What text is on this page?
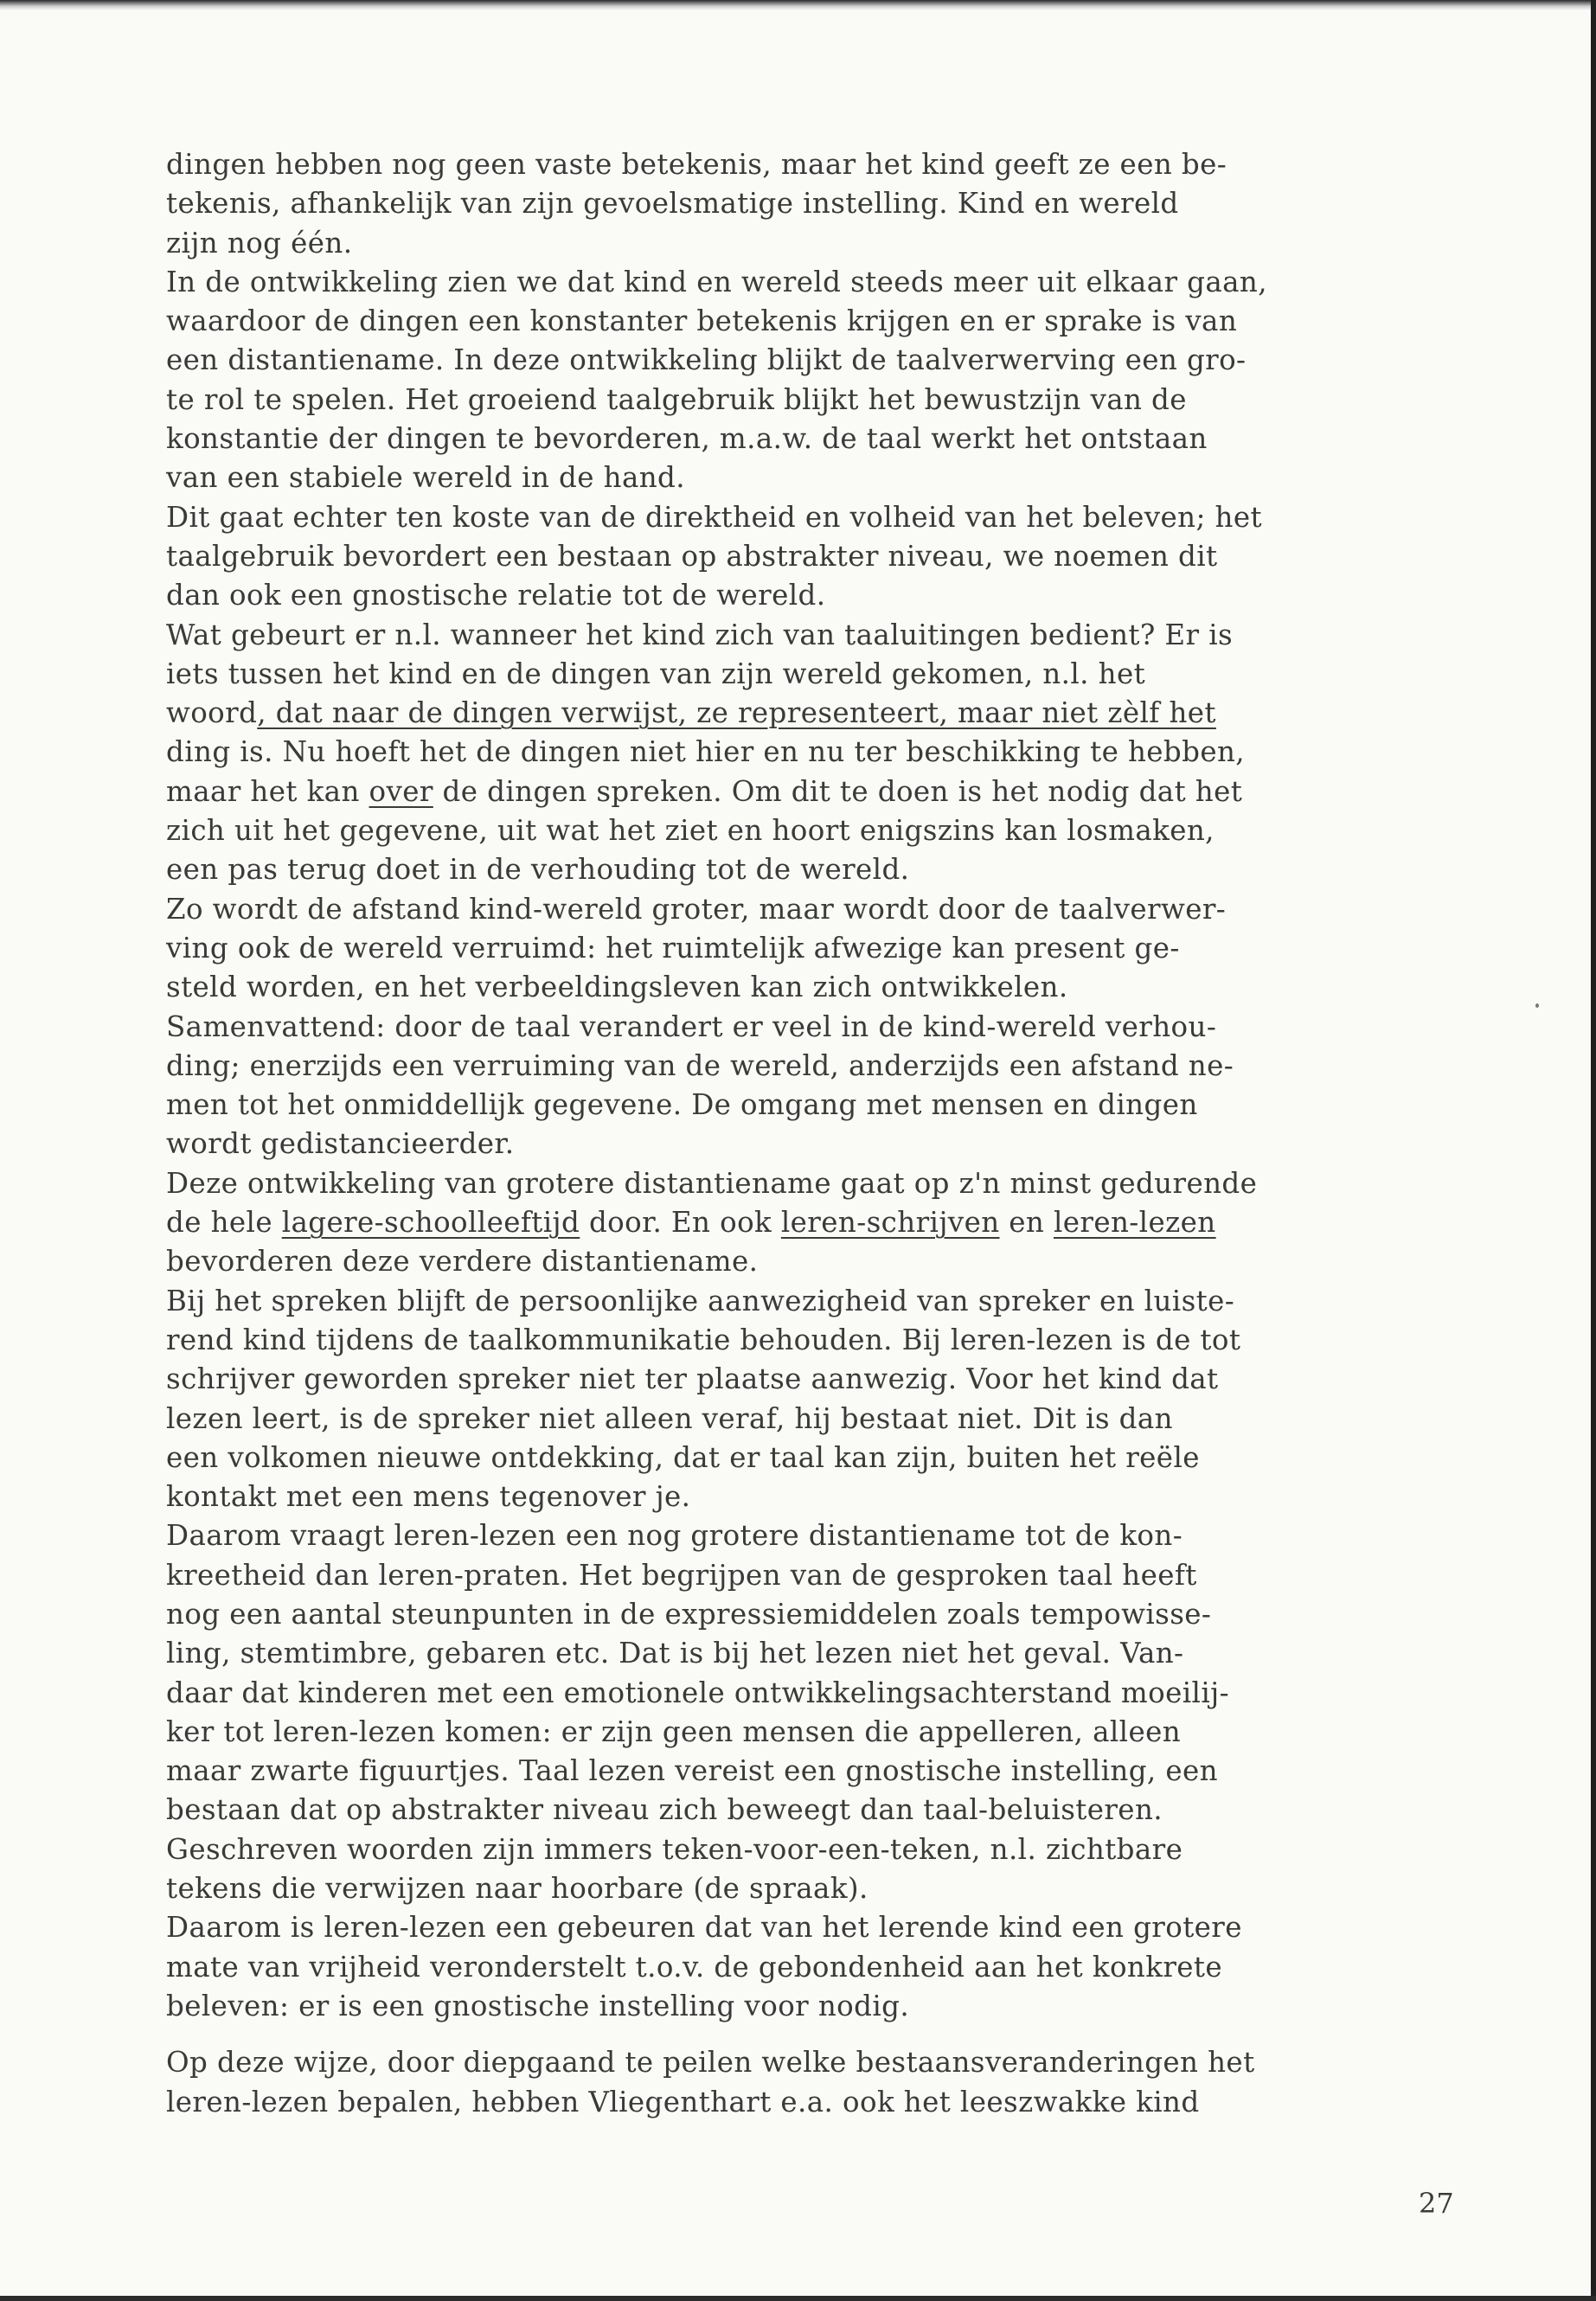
dingen hebben nog geen vaste betekenis, maar het kind geeft ze een be-
tekenis, afhankelijk van zijn gevoelsmatige instelling. Kind en wereld
zijn nog één.
In de ontwikkeling zien we dat kind en wereld steeds meer uit elkaar gaan,
waardoor de dingen een konstanter betekenis krijgen en er sprake is van
een distantiename. In deze ontwikkeling blijkt de taalverwerving een gro-
te rol te spelen. Het groeiend taalgebruik blijkt het bewustzijn van de
konstantie der dingen te bevorderen, m.a.w. de taal werkt het ontstaan
van een stabiele wereld in de hand.
Dit gaat echter ten koste van de direktheid en volheid van het beleven; het
taalgebruik bevordert een bestaan op abstrakter niveau, we noemen dit
dan ook een gnostische relatie tot de wereld.
Wat gebeurt er n.l. wanneer het kind zich van taaluitingen bedient? Er is
iets tussen het kind en de dingen van zijn wereld gekomen, n.l. het
woord, dat naar de dingen verwijst, ze representeert, maar niet zèlf het
ding is. Nu hoeft het de dingen niet hier en nu ter beschikking te hebben,
maar het kan over de dingen spreken. Om dit te doen is het nodig dat het
zich uit het gegevene, uit wat het ziet en hoort enigszins kan losmaken,
een pas terug doet in de verhouding tot de wereld.
Zo wordt de afstand kind-wereld groter, maar wordt door de taalverwer-
ving ook de wereld verruimd: het ruimtelijk afwezige kan present ge-
steld worden, en het verbeeldingsleven kan zich ontwikkelen.
Samenvattend: door de taal verandert er veel in de kind-wereld verhou-
ding; enerzijds een verruiming van de wereld, anderzijds een afstand ne-
men tot het onmiddellijk gegevene. De omgang met mensen en dingen
wordt gedistancieerder.
Deze ontwikkeling van grotere distantiename gaat op z'n minst gedurende
de hele lagere-schoolleeftijd door. En ook leren-schrijven en leren-lezen
bevorderen deze verdere distantiename.
Bij het spreken blijft de persoonlijke aanwezigheid van spreker en luiste-
rend kind tijdens de taalkommunikatie behouden. Bij leren-lezen is de tot
schrijver geworden spreker niet ter plaatse aanwezig. Voor het kind dat
lezen leert, is de spreker niet alleen veraf, hij bestaat niet. Dit is dan
een volkomen nieuwe ontdekking, dat er taal kan zijn, buiten het reële
kontakt met een mens tegenover je.
Daarom vraagt leren-lezen een nog grotere distantiename tot de kon-
kreetheid dan leren-praten. Het begrijpen van de gesproken taal heeft
nog een aantal steunpunten in de expressiemiddelen zoals tempowisse-
ling, stemtimbre, gebaren etc. Dat is bij het lezen niet het geval. Van-
daar dat kinderen met een emotionele ontwikkelingsachterstand moeilij-
ker tot leren-lezen komen: er zijn geen mensen die appelleren, alleen
maar zwarte figuurtjes. Taal lezen vereist een gnostische instelling, een
bestaan dat op abstrakter niveau zich beweegt dan taal-beluisteren.
Geschreven woorden zijn immers teken-voor-een-teken, n.l. zichtbare
tekens die verwijzen naar hoorbare (de spraak).
Daarom is leren-lezen een gebeuren dat van het lerende kind een grotere
mate van vrijheid veronderstelt t.o.v. de gebondenheid aan het konkrete
beleven: er is een gnostische instelling voor nodig.
Op deze wijze, door diepgaand te peilen welke bestaansveranderingen het
leren-lezen bepalen, hebben Vliegenthart e.a. ook het leeszwakke kind
27
